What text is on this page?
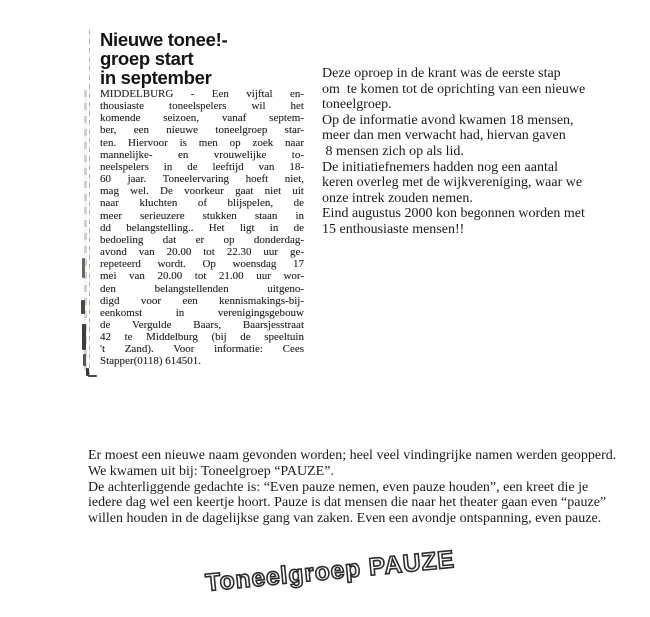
Nieuwe tonee!-
groep start
in september
MIDDELBURG - Een vijftal en-
thousiaste toneelspelers wil het
komende seizoen, vanaf septem-
ber, een nieuwe toneelgroep star-
ten. Hiervoor is men op zoek naar
mannelijke- en vrouwelijke to-
neelspelers in de leeftijd van 18-
60 jaar. Toneelervaring hoeft niet,
mag wel. De voorkeur gaat niet uit
naar kluchten of blijspelen, de
meer serieuzere stukken staan in
dd belangstelling.. Het ligt in de
bedoeling dat er op donderdag-
avond van 20.00 tot 22.30 uur ge-
repeteerd wordt. Op woensdag 17
mei van 20.00 tot 21.00 uur wor-
den belangstellenden uitgeno-
digd voor een kennismakings-bij-
eenkomst in verenigingsgebouw
de Vergulde Baars, Baarsjesstraat
42 te Middelburg (bij de speeltuin
't Zand). Voor informatie: Cees
Stapper(0118) 614501.
Deze oproep in de krant was de eerste stap
om  te komen tot de oprichting van een nieuwe
toneelgroep.
Op de informatie avond kwamen 18 mensen,
meer dan men verwacht had, hiervan gaven
8 mensen zich op als lid.
De initiatiefnemers hadden nog een aantal
keren overleg met de wijkvereniging, waar we
onze intrek zouden nemen.
Eind augustus 2000 kon begonnen worden met
15 enthousiaste mensen!!
Er moest een nieuwe naam gevonden worden; heel veel vindingrijke namen werden geopperd.
We kwamen uit bij: Toneelgroep “PAUZE”.
De achterliggende gedachte is: “Even pauze nemen, even pauze houden”, een kreet die je
iedere dag wel een keertje hoort. Pauze is dat mensen die naar het theater gaan even “pauze”
willen houden in de dagelijkse gang van zaken. Even een avondje ontspanning, even pauze.
Toneelgroep PAUZE
